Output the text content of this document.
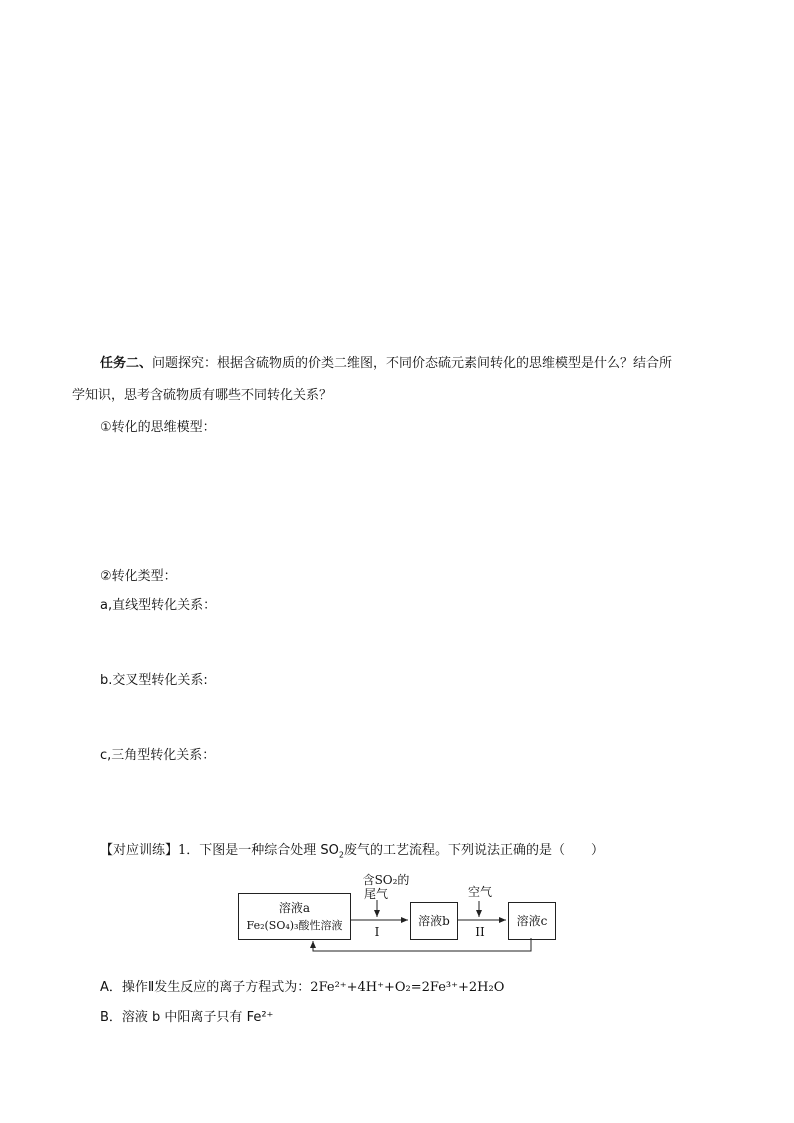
任务二、问题探究：根据含硫物质的价类二维图，不同价态硫元素间转化的思维模型是什么？结合所
学知识，思考含硫物质有哪些不同转化关系？
①转化的思维模型：
②转化类型：
a,直线型转化关系：
b.交叉型转化关系:
c,三角型转化关系：
【对应训练】1．下图是一种综合处理 $SO_2$废气的工艺流程。下列说法正确的是（　　）
溶液a
Fe₂(SO₄)₃酸性溶液	溶液b	溶液c
含SO₂的
尾气	空气
I	II
A．操作Ⅱ发生反应的离子方程式为：2Fe²⁺+4H⁺+O₂=2Fe³⁺+2H₂O
B．溶液 b 中阳离子只有 Fe²⁺
